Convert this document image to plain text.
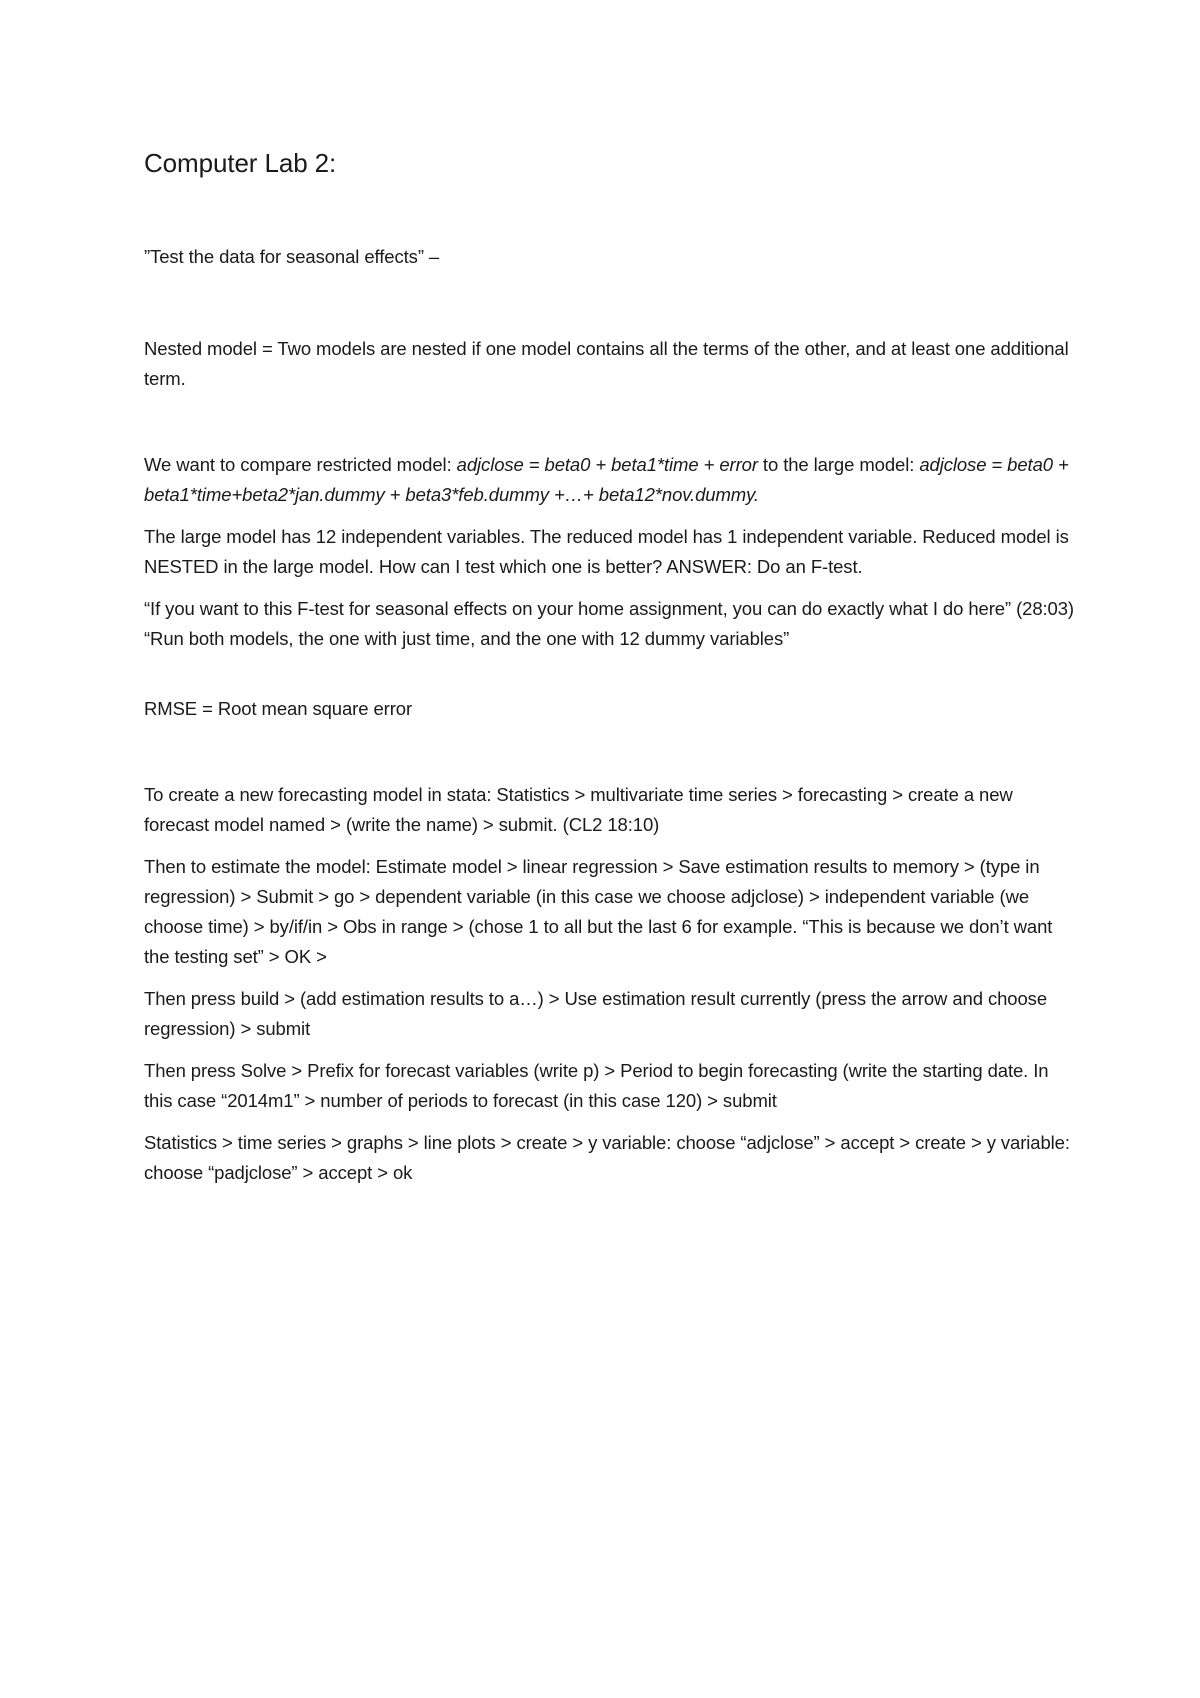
Computer Lab 2:

”Test the data for seasonal effects” –

Nested model = Two models are nested if one model contains all the terms of the other, and at least one additional term.

We want to compare restricted model: adjclose = beta0 + beta1*time + error to the large model: adjclose = beta0 + beta1*time+beta2*jan.dummy + beta3*feb.dummy +…+ beta12*nov.dummy.

The large model has 12 independent variables. The reduced model has 1 independent variable. Reduced model is NESTED in the large model. How can I test which one is better? ANSWER: Do an F-test.

“If you want to this F-test for seasonal effects on your home assignment, you can do exactly what I do here” (28:03) “Run both models, the one with just time, and the one with 12 dummy variables”

RMSE = Root mean square error

To create a new forecasting model in stata: Statistics > multivariate time series > forecasting > create a new forecast model named > (write the name) > submit. (CL2 18:10)

Then to estimate the model: Estimate model > linear regression > Save estimation results to memory > (type in regression) > Submit > go > dependent variable (in this case we choose adjclose) > independent variable (we choose time) > by/if/in > Obs in range > (chose 1 to all but the last 6 for example. “This is because we don’t want the testing set” > OK >

Then press build > (add estimation results to a…) > Use estimation result currently (press the arrow and choose regression) > submit

Then press Solve > Prefix for forecast variables (write p) > Period to begin forecasting (write the starting date. In this case “2014m1” > number of periods to forecast (in this case 120) > submit

Statistics > time series > graphs > line plots > create > y variable: choose “adjclose” > accept > create > y variable: choose “padjclose” > accept > ok
